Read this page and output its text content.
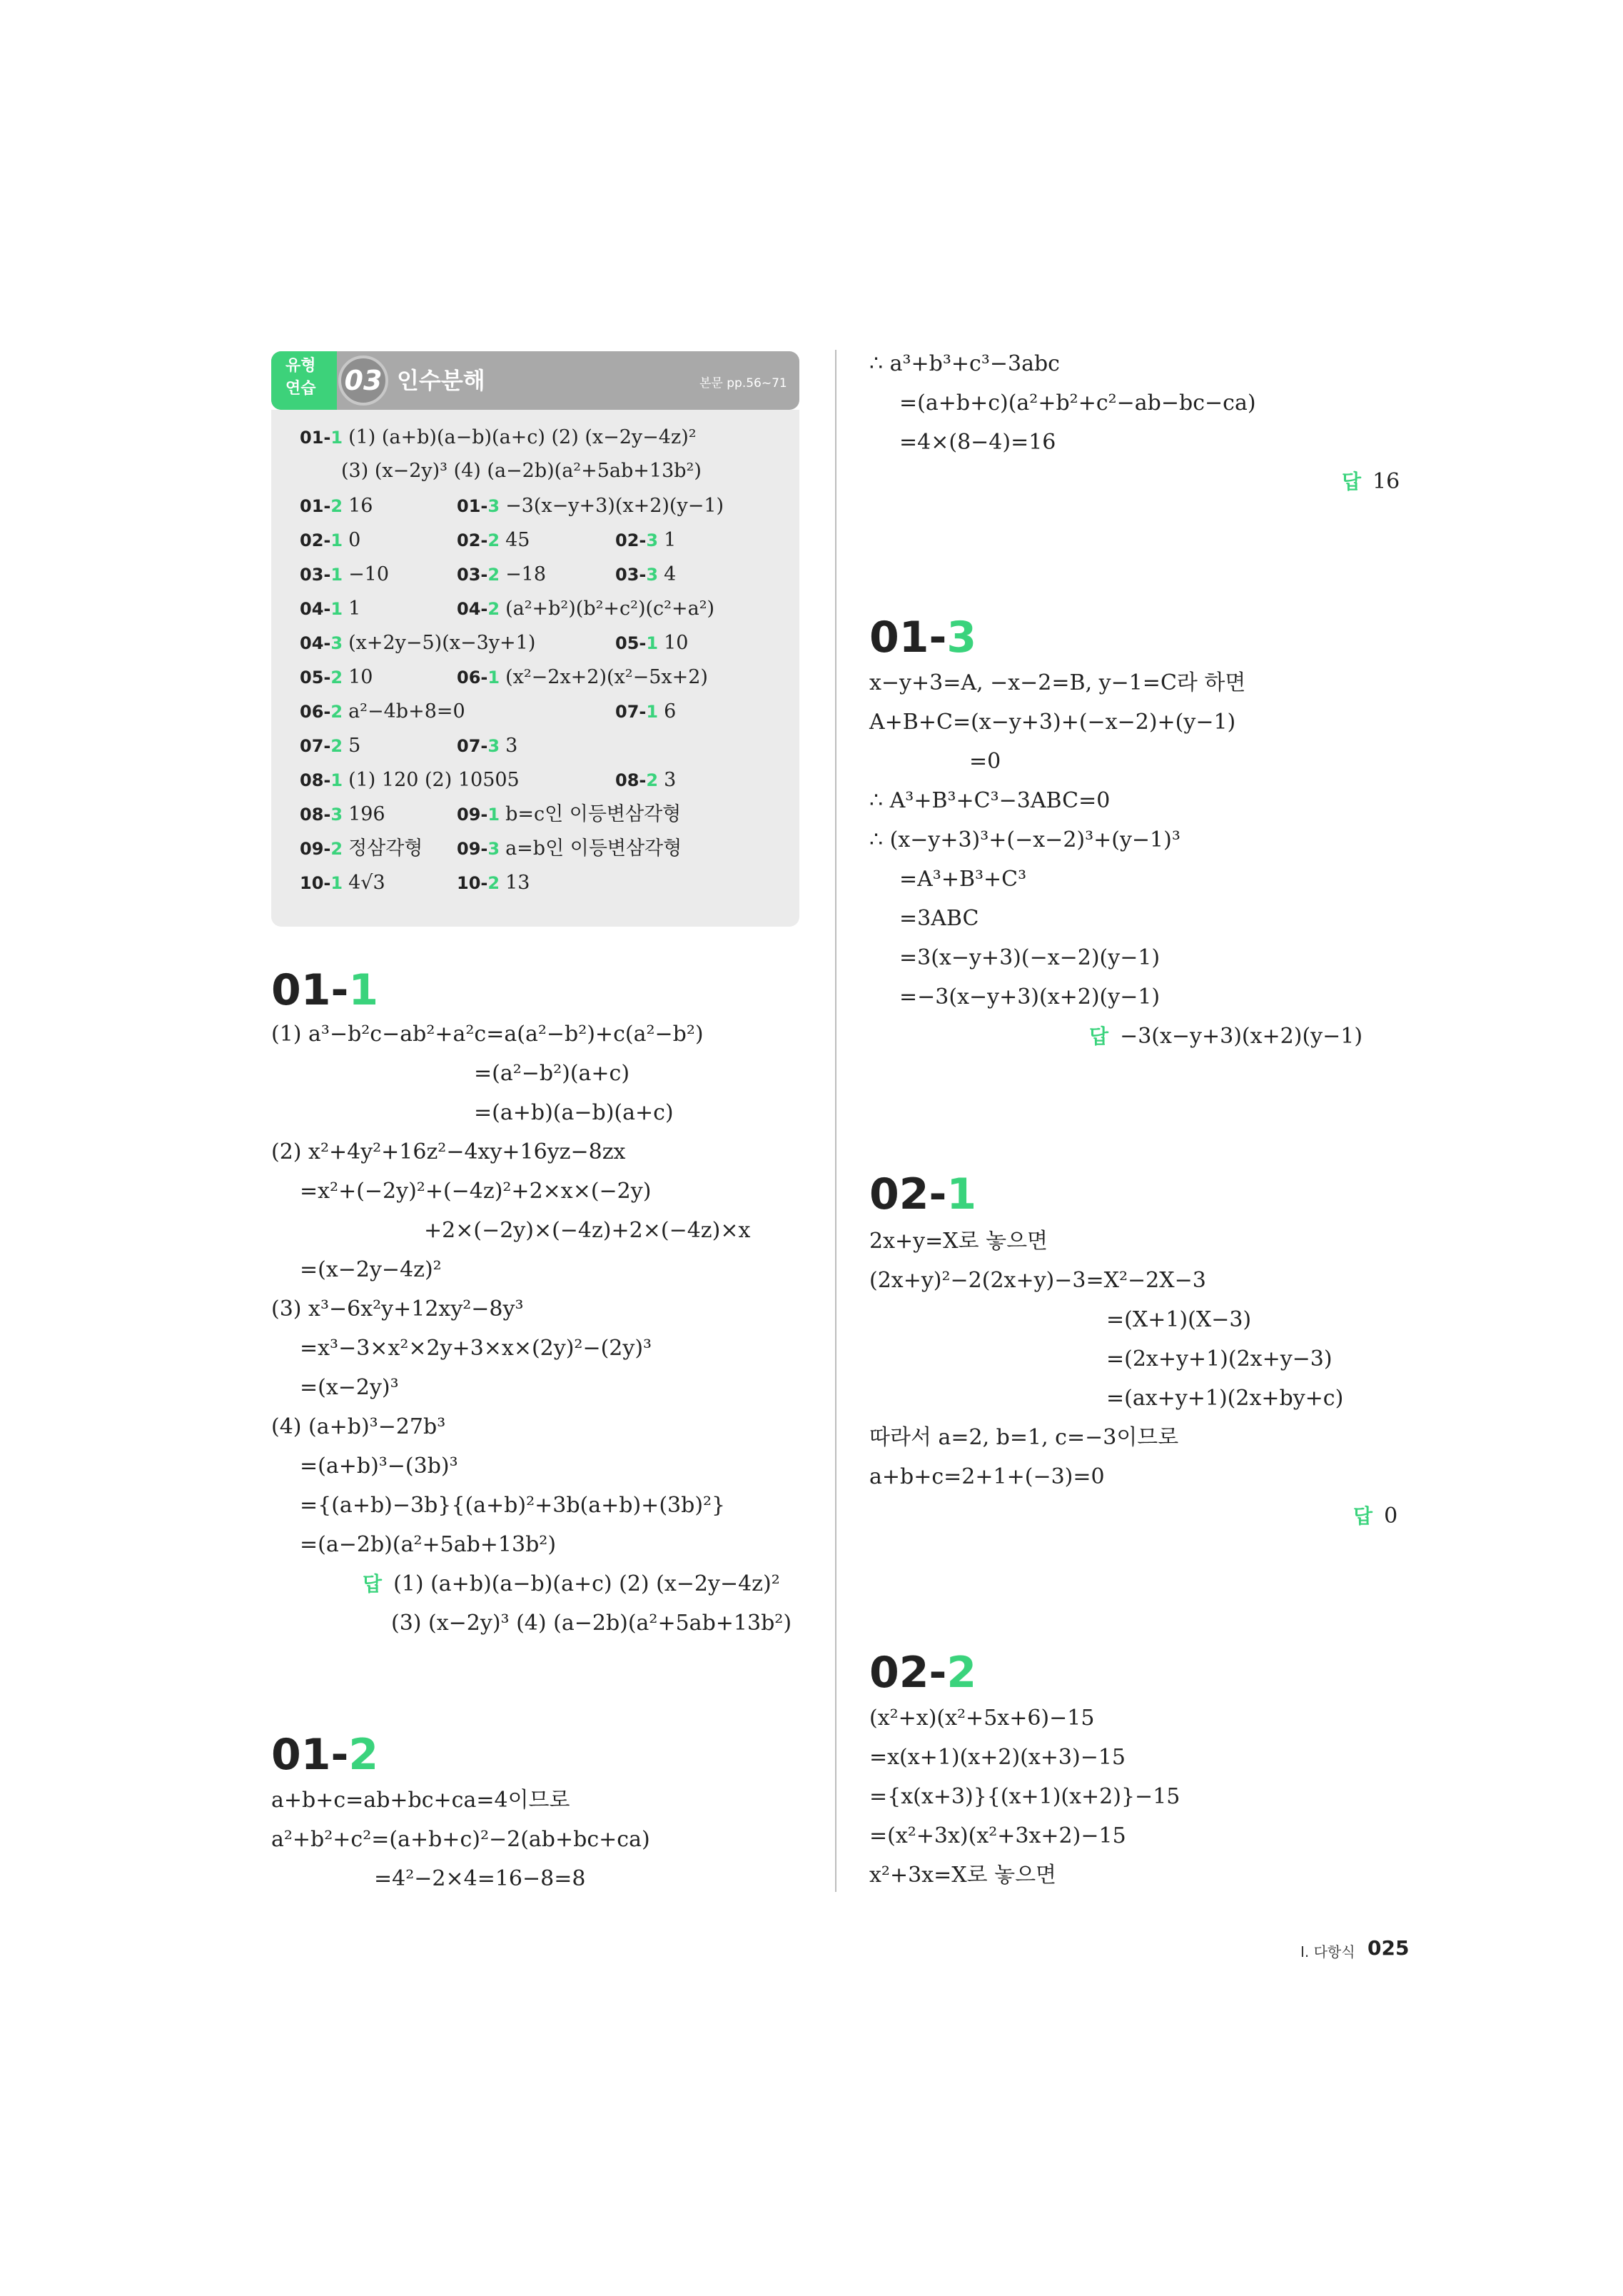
유형
연습 03 인수분해	본문 pp.56~71
01-1 (1) (a+b)(a−b)(a+c) (2) (x−2y−4z)²
(3) (x−2y)³ (4) (a−2b)(a²+5ab+13b²)
01-2 16	01-3 −3(x−y+3)(x+2)(y−1)
02-1 0	02-2 45	02-3 1
03-1 −10	03-2 −18	03-3 4
04-1 1	04-2 (a²+b²)(b²+c²)(c²+a²)
04-3 (x+2y−5)(x−3y+1)	05-1 10
05-2 10	06-1 (x²−2x+2)(x²−5x+2)
06-2 a²−4b+8=0	07-1 6
07-2 5	07-3 3
08-1 (1) 120 (2) 10505	08-2 3
08-3 196	09-1 b=c인 이등변삼각형
09-2 정삼각형 09-3 a=b인 이등변삼각형
10-1 4√3	10-2 13
01-1
(1) a³−b²c−ab²+a²c=a(a²−b²)+c(a²−b²)
=(a²−b²)(a+c)
=(a+b)(a−b)(a+c)
(2) x²+4y²+16z²−4xy+16yz−8zx
=x²+(−2y)²+(−4z)²+2×x×(−2y)
+2×(−2y)×(−4z)+2×(−4z)×x
=(x−2y−4z)²
(3) x³−6x²y+12xy²−8y³
=x³−3×x²×2y+3×x×(2y)²−(2y)³
=(x−2y)³
(4) (a+b)³−27b³
=(a+b)³−(3b)³
={(a+b)−3b}{(a+b)²+3b(a+b)+(3b)²}
=(a−2b)(a²+5ab+13b²)
답 (1) (a+b)(a−b)(a+c) (2) (x−2y−4z)²
(3) (x−2y)³ (4) (a−2b)(a²+5ab+13b²)
01-2
a+b+c=ab+bc+ca=4이므로
a²+b²+c²=(a+b+c)²−2(ab+bc+ca)
=4²−2×4=16−8=8
∴ a³+b³+c³−3abc
=(a+b+c)(a²+b²+c²−ab−bc−ca)
=4×(8−4)=16
답 16
01-3
x−y+3=A, −x−2=B, y−1=C라 하면
A+B+C=(x−y+3)+(−x−2)+(y−1)
=0
∴ A³+B³+C³−3ABC=0
∴ (x−y+3)³+(−x−2)³+(y−1)³
=A³+B³+C³
=3ABC
=3(x−y+3)(−x−2)(y−1)
=−3(x−y+3)(x+2)(y−1)
답 −3(x−y+3)(x+2)(y−1)
02-1
2x+y=X로 놓으면
(2x+y)²−2(2x+y)−3=X²−2X−3
=(X+1)(X−3)
=(2x+y+1)(2x+y−3)
=(ax+y+1)(2x+by+c)
따라서 a=2, b=1, c=−3이므로
a+b+c=2+1+(−3)=0
답 0
02-2
(x²+x)(x²+5x+6)−15
=x(x+1)(x+2)(x+3)−15
={x(x+3)}{(x+1)(x+2)}−15
=(x²+3x)(x²+3x+2)−15
x²+3x=X로 놓으면
I. 다항식 025
